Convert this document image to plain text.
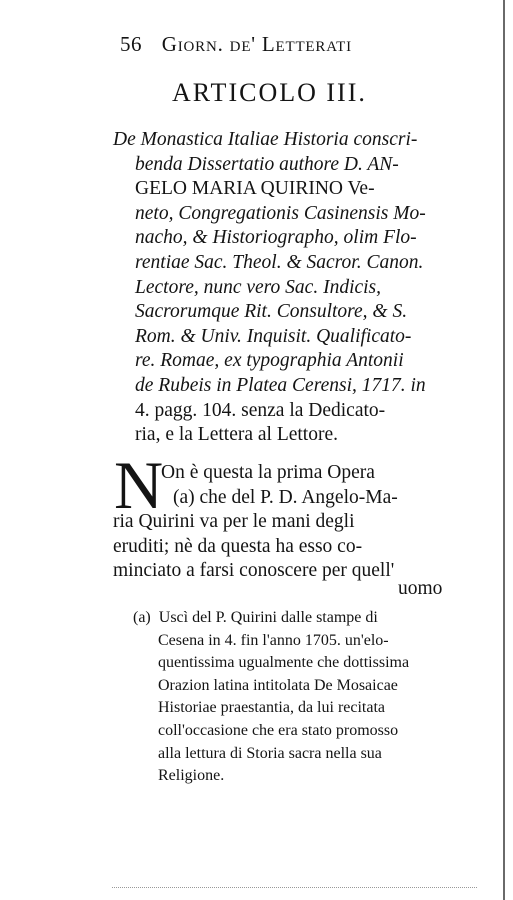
56 Giorn. de' Letterati
ARTICOLO III.
De Monastica Italiae Historia conscri-
benda Dissertatio authore D. AN-
GELO MARIA QUIRINO Ve-
neto, Congregationis Casinensis Mo-
nacho, & Historiographo, olim Flo-
rentiae Sac. Theol. & Sacror. Canon.
Lectore, nunc vero Sac. Indicis,
Sacrorumque Rit. Consultore, & S.
Rom. & Univ. Inquisit. Qualificato-
re. Romae, ex typographia Antonii
de Rubeis in Platea Cerensi, 1717. in
4. pagg. 104. senza la Dedicato-
ria, e la Lettera al Lettore.
N
On è questa la prima Opera
(a) che del P. D. Angelo-Ma-
ria Quirini va per le mani degli
eruditi; nè da questa ha esso co-
minciato a farsi conoscere per quell'
uomo
(a) Uscì del P. Quirini dalle stampe di
Cesena in 4. fin l'anno 1705. un'elo-
quentissima ugualmente che dottissima
Orazion latina intitolata De Mosaicae
Historiae praestantia, da lui recitata
coll'occasione che era stato promosso
alla lettura di Storia sacra nella sua
Religione.
